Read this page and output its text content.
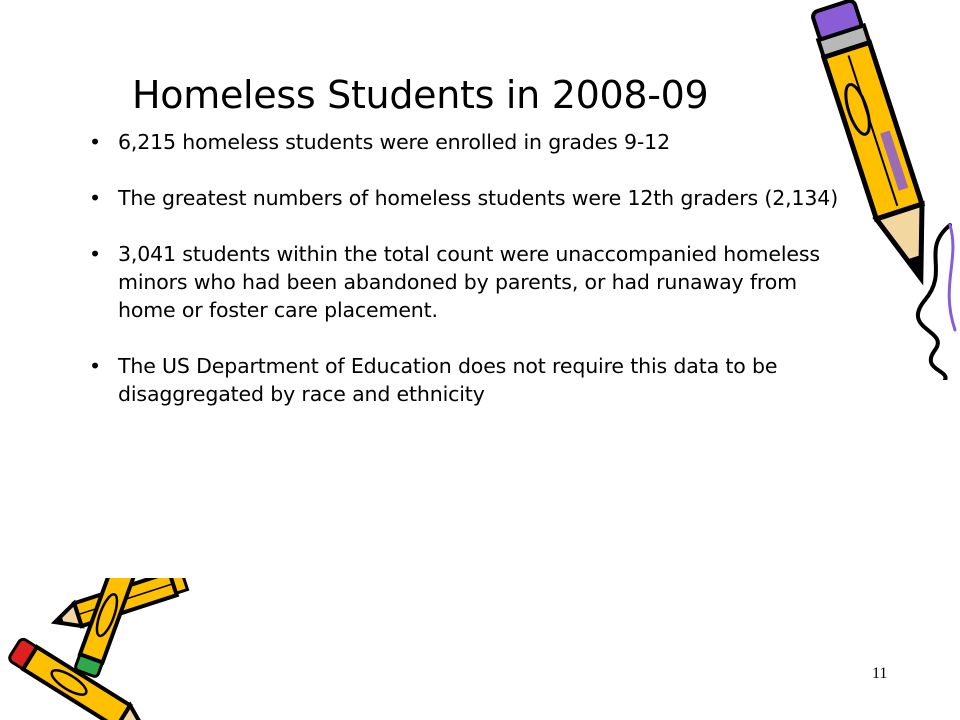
Homeless Students in 2008-09
• 6,215 homeless students were enrolled in grades 9-12
• The greatest numbers of homeless students were 12th graders (2,134)
• 3,041 students within the total count were unaccompanied homeless minors who had been abandoned by parents, or had runaway from home or foster care placement.
• The US Department of Education does not require this data to be disaggregated by race and ethnicity
11
